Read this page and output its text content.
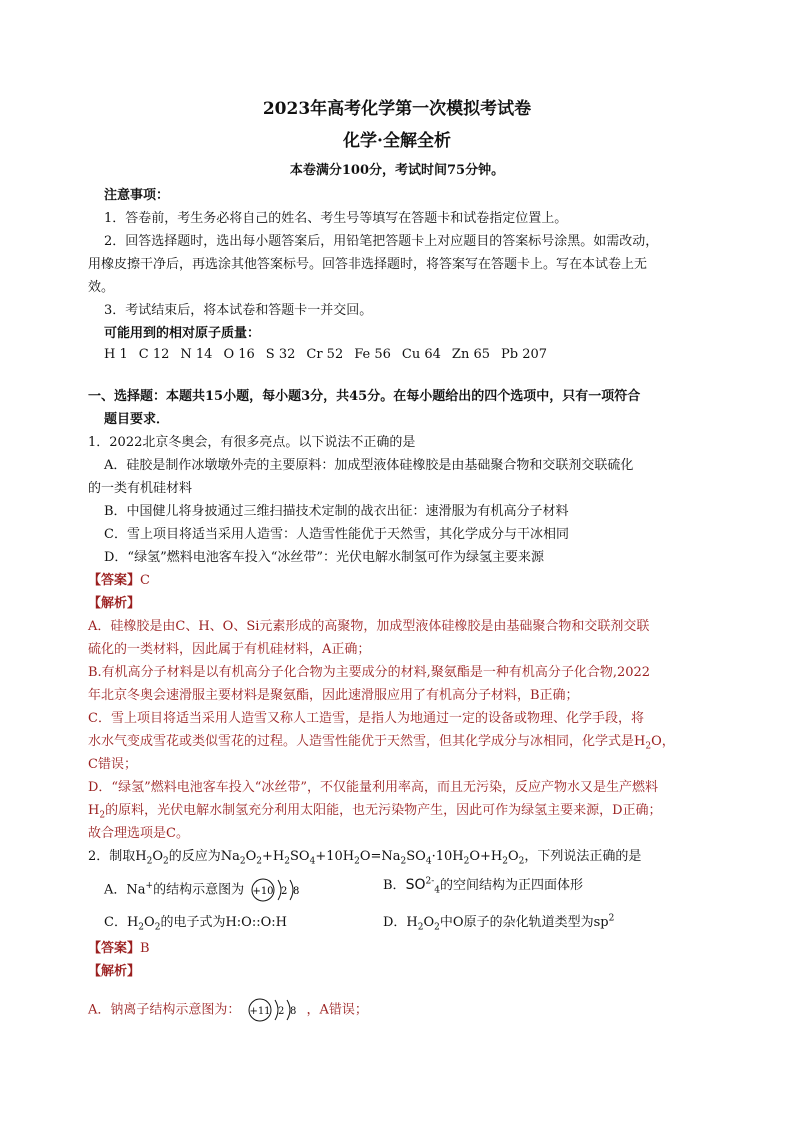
2023年高考化学第一次模拟考试卷
化学·全解全析
本卷满分100分，考试时间75分钟。
注意事项：
1．答卷前，考生务必将自己的姓名、考生号等填写在答题卡和试卷指定位置上。
2．回答选择题时，选出每小题答案后，用铅笔把答题卡上对应题目的答案标号涂黑。如需改动，
用橡皮擦干净后，再选涂其他答案标号。回答非选择题时，将答案写在答题卡上。写在本试卷上无
效。
3．考试结束后，将本试卷和答题卡一并交回。
可能用到的相对原子质量：
H 1 C 12 N 14 O 16 S 32 Cr 52 Fe 56 Cu 64 Zn 65 Pb 207
一、选择题：本题共15小题，每小题3分，共45分。在每小题给出的四个选项中，只有一项符合
题目要求．
1．2022北京冬奥会，有很多亮点。以下说法不正确的是
A．硅胶是制作冰墩墩外壳的主要原料：加成型液体硅橡胶是由基础聚合物和交联剂交联硫化
的一类有机硅材料
B．中国健儿将身披通过三维扫描技术定制的战衣出征：速滑服为有机高分子材料
C．雪上项目将适当采用人造雪：人造雪性能优于天然雪，其化学成分与干冰相同
D．“绿氢”燃料电池客车投入“冰丝带”：光伏电解水制氢可作为绿氢主要来源
【答案】C
【解析】
A．硅橡胶是由C、H、O、Si元素形成的高聚物，加成型液体硅橡胶是由基础聚合物和交联剂交联
硫化的一类材料，因此属于有机硅材料，A正确；
B.有机高分子材料是以有机高分子化合物为主要成分的材料,聚氨酯是一种有机高分子化合物,2022
年北京冬奥会速滑服主要材料是聚氨酯，因此速滑服应用了有机高分子材料，B正确；
C．雪上项目将适当采用人造雪又称人工造雪，是指人为地通过一定的设备或物理、化学手段，将
水水气变成雪花或类似雪花的过程。人造雪性能优于天然雪，但其化学成分与冰相同，化学式是$H_2O$，
C错误；
D．“绿氢”燃料电池客车投入“冰丝带”，不仅能量利用率高，而且无污染，反应产物水又是生产燃料
$H_2$的原料，光伏电解水制氢充分利用太阳能，也无污染物产生，因此可作为绿氢主要来源，D正确；
故合理选项是C。
2．制取$H_2O_2$的反应为$Na_2O_2+H_2SO_4+10H_2O=Na_2SO_4\cdot 10H_2O+H_2O_2$，下列说法正确的是
A．Na+的结构示意图为 +10 2 8	B．$SO^{2-}_4$的空间结构为正四面体形
C．$H_2O_2$的电子式为H:O::O:H	D．$H_2O_2$中O原子的杂化轨道类型为$sp^2$
【答案】B
【解析】
A．钠离子结构示意图为： +11 2 8 ，A错误；
